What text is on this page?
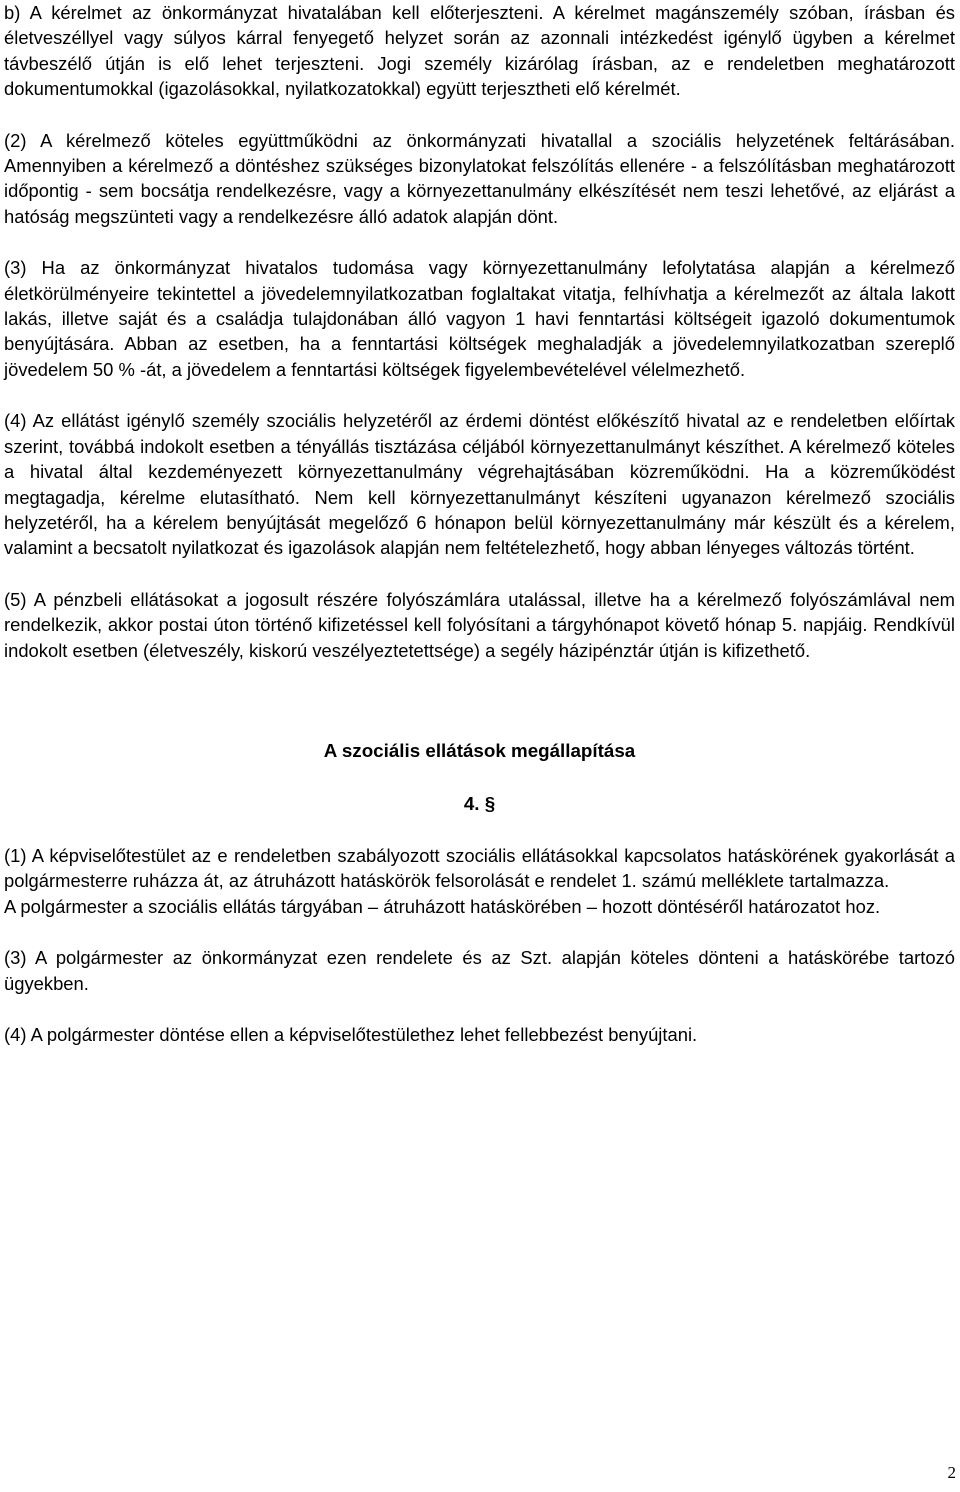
b) A kérelmet az önkormányzat hivatalában kell előterjeszteni. A kérelmet magánszemély szóban, írásban és életveszéllyel vagy súlyos kárral fenyegető helyzet során az azonnali intézkedést igénylő ügyben a kérelmet távbeszélő útján is elő lehet terjeszteni. Jogi személy kizárólag írásban, az e rendeletben meghatározott dokumentumokkal (igazolásokkal, nyilatkozatokkal) együtt terjesztheti elő kérelmét.

(2) A kérelmező köteles együttműködni az önkormányzati hivatallal a szociális helyzetének feltárásában. Amennyiben a kérelmező a döntéshez szükséges bizonylatokat felszólítás ellenére - a felszólításban meghatározott időpontig - sem bocsátja rendelkezésre, vagy a környezettanulmány elkészítését nem teszi lehetővé, az eljárást a hatóság megszünteti vagy a rendelkezésre álló adatok alapján dönt.

(3) Ha az önkormányzat hivatalos tudomása vagy környezettanulmány lefolytatása alapján a kérelmező életkörülményeire tekintettel a jövedelemnyilatkozatban foglaltakat vitatja, felhívhatja a kérelmezőt az általa lakott lakás, illetve saját és a családja tulajdonában álló vagyon 1 havi fenntartási költségeit igazoló dokumentumok benyújtására. Abban az esetben, ha a fenntartási költségek meghaladják a jövedelemnyilatkozatban szereplő jövedelem 50 % -át, a jövedelem a fenntartási költségek figyelembevételével vélelmezhető.

(4) Az ellátást igénylő személy szociális helyzetéről az érdemi döntést előkészítő hivatal az e rendeletben előírtak szerint, továbbá indokolt esetben a tényállás tisztázása céljából környezettanulmányt készíthet. A kérelmező köteles a hivatal által kezdeményezett környezettanulmány végrehajtásában közreműködni. Ha a közreműködést megtagadja, kérelme elutasítható. Nem kell környezettanulmányt készíteni ugyanazon kérelmező szociális helyzetéről, ha a kérelem benyújtását megelőző 6 hónapon belül környezettanulmány már készült és a kérelem, valamint a becsatolt nyilatkozat és igazolások alapján nem feltételezhető, hogy abban lényeges változás történt.

(5) A pénzbeli ellátásokat a jogosult részére folyószámlára utalással, illetve ha a kérelmező folyószámlával nem rendelkezik, akkor postai úton történő kifizetéssel kell folyósítani a tárgyhónapot követő hónap 5. napjáig. Rendkívül indokolt esetben (életveszély, kiskorú veszélyeztetettsége) a segély házipénztár útján is kifizethető.

A szociális ellátások megállapítása
4. §

(1) A képviselőtestület az e rendeletben szabályozott szociális ellátásokkal kapcsolatos hatáskörének gyakorlását a polgármesterre ruházza át, az átruházott hatáskörök felsorolását e rendelet 1. számú melléklete tartalmazza.

A polgármester a szociális ellátás tárgyában – átruházott hatáskörében – hozott döntéséről határozatot hoz.

(3) A polgármester az önkormányzat ezen rendelete és az Szt. alapján köteles dönteni a hatáskörébe tartozó ügyekben.

(4) A polgármester döntése ellen a képviselőtestülethez lehet fellebbezést benyújtani.

2
